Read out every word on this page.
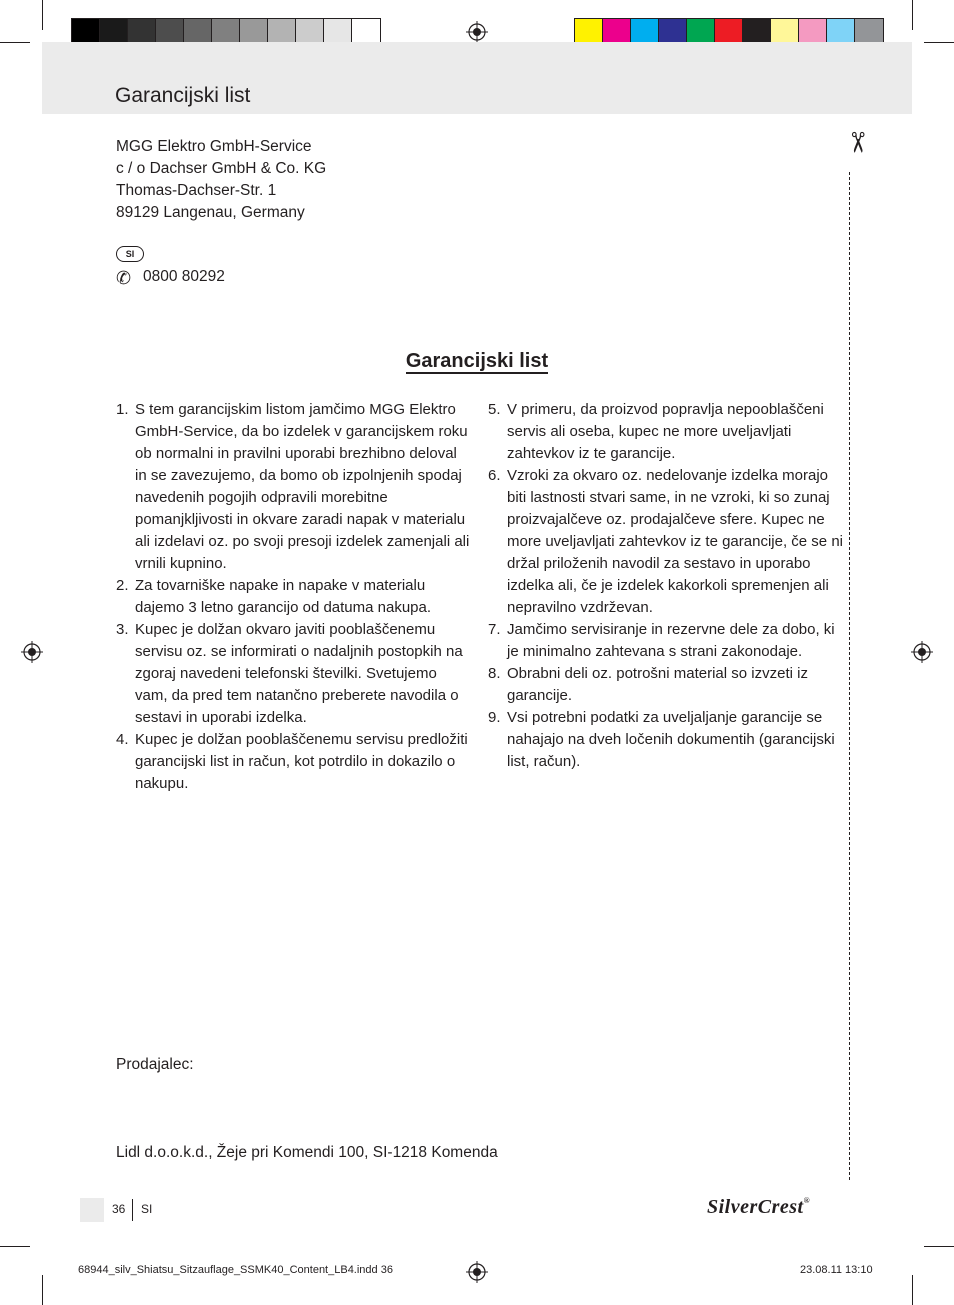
Garancijski list
MGG Elektro GmbH-Service
c / o Dachser GmbH & Co. KG
Thomas-Dachser-Str. 1
89129 Langenau, Germany
SI
✆ 0800 80292
Garancijski list
1. S tem garancijskim listom jamčimo MGG Elektro GmbH-Service, da bo izdelek v garancijskem roku ob normalni in pravilni uporabi brezhibno deloval in se zavezujemo, da bomo ob izpolnjenih spodaj navedenih pogojih odpravili morebitne pomanjkljivosti in okvare zaradi napak v materialu ali izdelavi oz. po svoji presoji izdelek zamenjali ali vrnili kupnino.
2. Za tovarniške napake in napake v materialu dajemo 3 letno garancijo od datuma nakupa.
3. Kupec je dolžan okvaro javiti pooblaščenemu servisu oz. se informirati o nadaljnih postopkih na zgoraj navedeni telefonski številki. Svetujemo vam, da pred tem natančno preberete navodila o sestavi in uporabi izdelka.
4. Kupec je dolžan pooblaščenemu servisu predložiti garancijski list in račun, kot potrdilo in dokazilo o nakupu.
5. V primeru, da proizvod popravlja nepooblaščeni servis ali oseba, kupec ne more uveljavljati zahtevkov iz te garancije.
6. Vzroki za okvaro oz. nedelovanje izdelka morajo biti lastnosti stvari same, in ne vzroki, ki so zunaj proizvajalčeve oz. prodajalčeve sfere. Kupec ne more uveljavljati zahtevkov iz te garancije, če se ni držal priloženih navodil za sestavo in uporabo izdelka ali, če je izdelek kakorkoli spremenjen ali nepravilno vzdrževan.
7. Jamčimo servisiranje in rezervne dele za dobo, ki je minimalno zahtevana s strani zakonodaje.
8. Obrabni deli oz. potrošni material so izvzeti iz garancije.
9. Vsi potrebni podatki za uveljaljanje garancije se nahajajo na dveh ločenih dokumentih (garancijski list, račun).
Prodajalec:
Lidl d.o.o.k.d., Žeje pri Komendi 100, SI-1218 Komenda
✂
36 SI	SilverCrest®
68944_silv_Shiatsu_Sitzauflage_SSMK40_Content_LB4.indd 36	23.08.11 13:10
